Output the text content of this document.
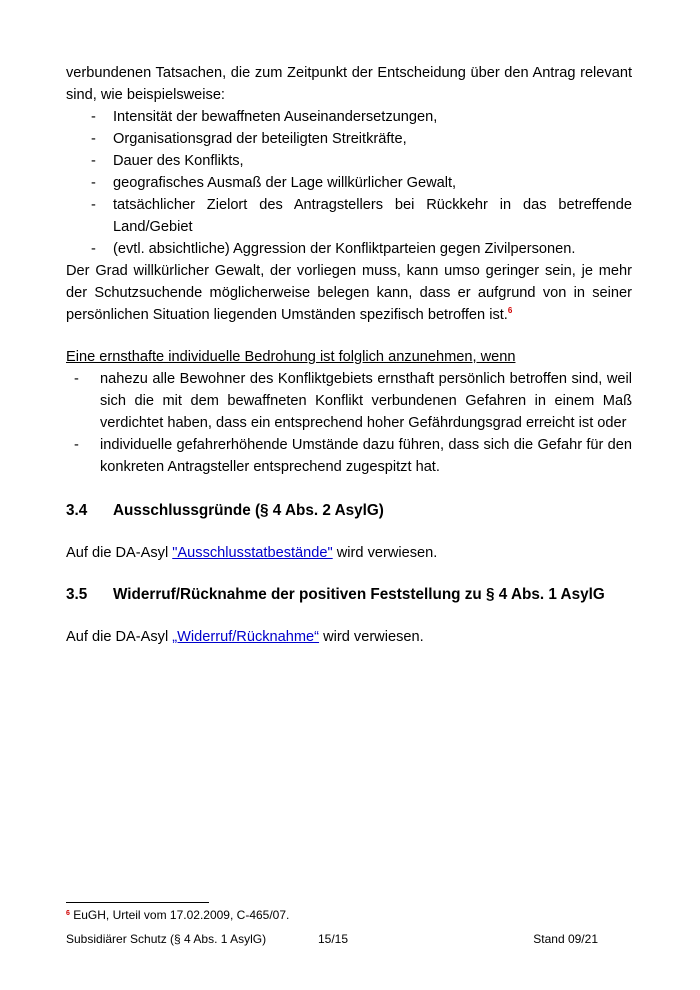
verbundenen Tatsachen, die zum Zeitpunkt der Entscheidung über den Antrag relevant

sind, wie beispielsweise:

- Intensität der bewaffneten Auseinandersetzungen,
- Organisationsgrad der beteiligten Streitkräfte,
- Dauer des Konflikts,
- geografisches Ausmaß der Lage willkürlicher Gewalt,
- tatsächlicher Zielort des Antragstellers bei Rückkehr in das betreffende Land/Gebiet
- (evtl. absichtliche) Aggression der Konfliktparteien gegen Zivilpersonen.

Der Grad willkürlicher Gewalt, der vorliegen muss, kann umso geringer sein, je mehr der Schutzsuchende möglicherweise belegen kann, dass er aufgrund von in seiner persönlichen Situation liegenden Umständen spezifisch betroffen ist.$^6$

Eine ernsthafte individuelle Bedrohung ist folglich anzunehmen, wenn

- nahezu alle Bewohner des Konfliktgebiets ernsthaft persönlich betroffen sind, weil sich die mit dem bewaffneten Konflikt verbundenen Gefahren in einem Maß verdichtet haben, dass ein entsprechend hoher Gefährdungsgrad erreicht ist oder
- individuelle gefahrerhöhende Umstände dazu führen, dass sich die Gefahr für den konkreten Antragsteller entsprechend zugespitzt hat.
3.4	Ausschlussgründe (§ 4 Abs. 2 AsylG)

Auf die DA-Asyl "Ausschlusstatbestände" wird verwiesen.

3.5	Widerruf/Rücknahme der positiven Feststellung zu § 4 Abs. 1 AsylG

Auf die DA-Asyl „Widerruf/Rücknahme“ wird verwiesen.

$^6$ EuGH, Urteil vom 17.02.2009, C-465/07.
Subsidiärer Schutz (§ 4 Abs. 1 AsylG)	15/15	Stand 09/21
